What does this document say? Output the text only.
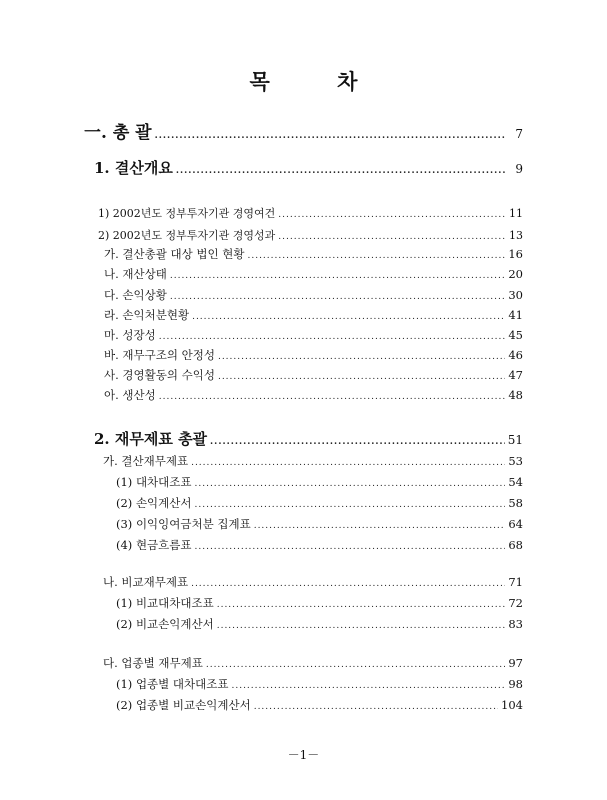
목 차
一. 총 괄 .....	7
1. 결산개요 .....	9
1) 2002년도 정부투자기관 경영여건 .....	11
2) 2002년도 정부투자기관 경영성과 .....	13
가. 결산총괄 대상 법인 현황 .....	16
나. 재산상태 .....	20
다. 손익상황 .....	30
라. 손익처분현황 .....	41
마. 성장성 .....	45
바. 재무구조의 안정성 .....	46
사. 경영활동의 수익성 .....	47
아. 생산성 .....	48
2. 재무제표 총괄 .....	51
가. 결산재무제표 .....	53
(1) 대차대조표 .....	54
(2) 손익계산서 .....	58
(3) 이익잉여금처분 집계표 .....	64
(4) 현금흐름표 .....	68
나. 비교재무제표 .....	71
(1) 비교대차대조표 .....	72
(2) 비교손익계산서 .....	83
다. 업종별 재무제표 .....	97
(1) 업종별 대차대조표 .....	98
(2) 업종별 비교손익계산서 .....	104
－1－
